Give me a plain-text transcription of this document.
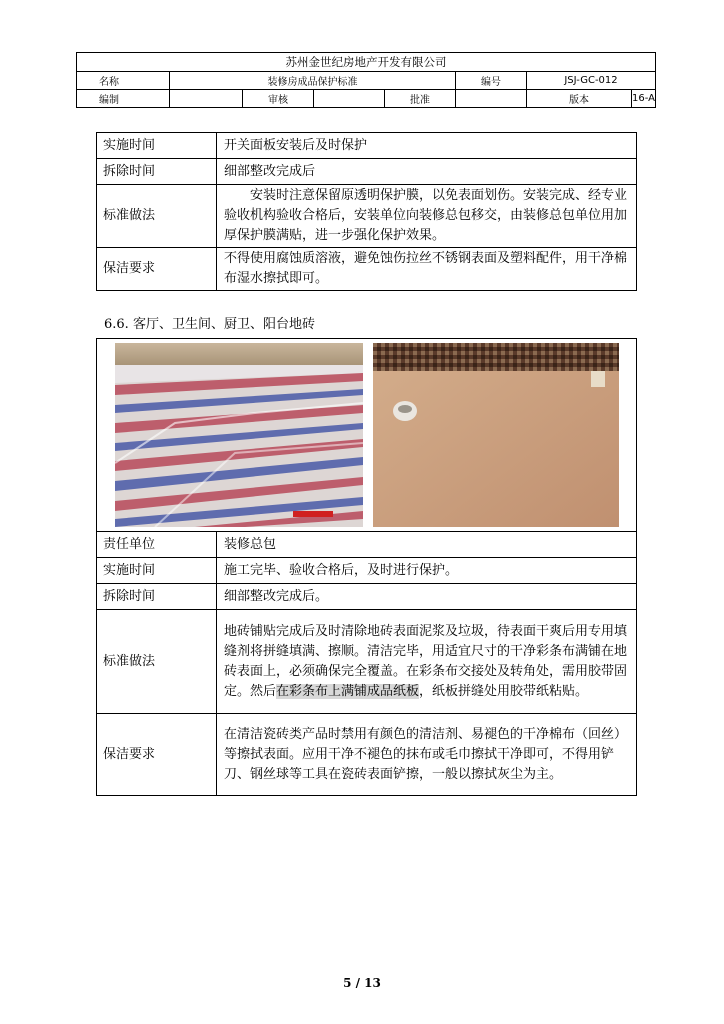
苏州金世纪房地产开发有限公司							
名称	装修房成品保护标准				编号	JSJ-GC-012	
编制		审核		批准		版本	16-A
实施时间	开关面板安装后及时保护
拆除时间	细部整改完成后
标准做法	安装时注意保留原透明保护膜，以免表面划伤。安装完成、经专业验收机构验收合格后，安装单位向装修总包移交，由装修总包单位用加厚保护膜满贴，进一步强化保护效果。
保洁要求	不得使用腐蚀质溶液，避免蚀伤拉丝不锈钢表面及塑料配件，用干净棉布湿水擦拭即可。
6.6. 客厅、卫生间、厨卫、阳台地砖

责任单位	装修总包
实施时间	施工完毕、验收合格后，及时进行保护。
拆除时间	细部整改完成后。
标准做法	地砖铺贴完成后及时清除地砖表面泥浆及垃圾，待表面干爽后用专用填缝剂将拼缝填满、擦顺。清洁完毕，用适宜尺寸的干净彩条布满铺在地砖表面上，必须确保完全覆盖。在彩条布交接处及转角处，需用胶带固定。然后在彩条布上满铺成品纸板，纸板拼缝处用胶带纸粘贴。
保洁要求	在清洁瓷砖类产品时禁用有颜色的清洁剂、易褪色的干净棉布（回丝）等擦拭表面。应用干净不褪色的抹布或毛巾擦拭干净即可，不得用铲刀、钢丝球等工具在瓷砖表面铲擦，一般以擦拭灰尘为主。
5 / 13
